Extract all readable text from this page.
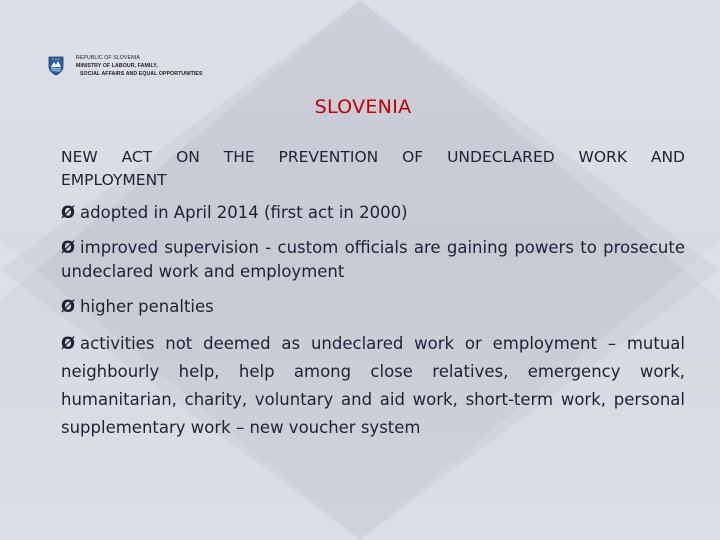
REPUBLIC OF SLOVENIA
MINISTRY OF LABOUR, FAMILY,
SOCIAL AFFAIRS AND EQUAL OPPORTUNITIES
SLOVENIA

NEW ACT ON THE PREVENTION OF UNDECLARED WORK AND EMPLOYMENT

Ø adopted in April 2014 (first act in 2000)

Ø improved supervision - custom officials are gaining powers to prosecute undeclared work and employment

Ø higher penalties

Ø activities not deemed as undeclared work or employment – mutual neighbourly help, help among close relatives, emergency work, humanitarian, charity, voluntary and aid work, short-term work, personal supplementary work – new voucher system
